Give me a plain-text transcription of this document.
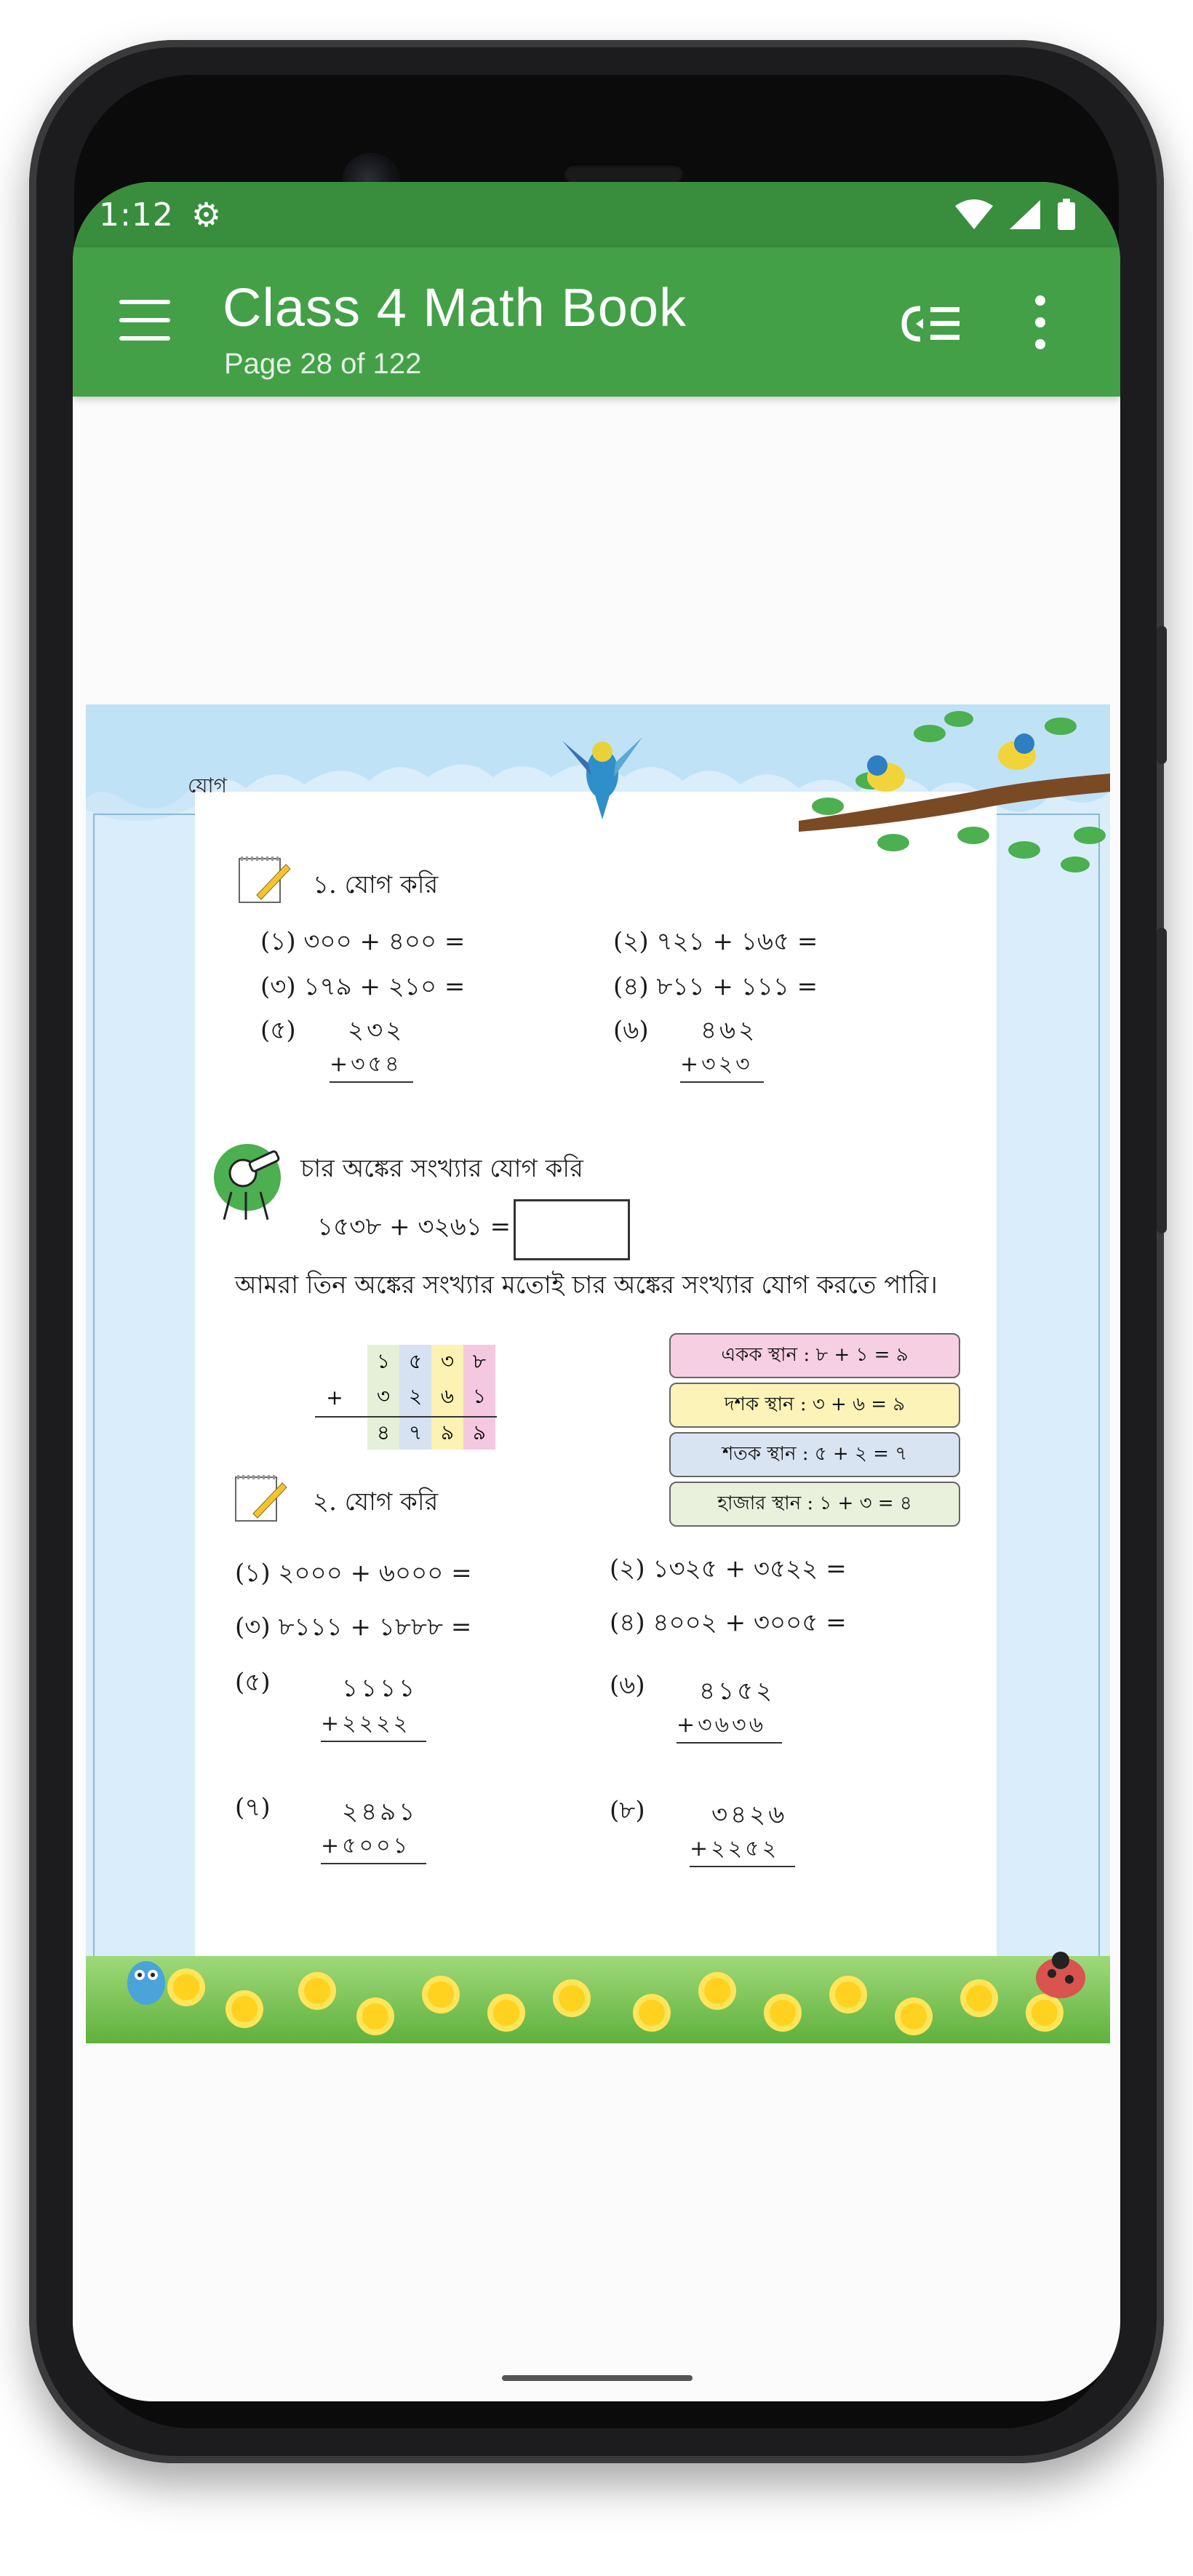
1:12 ⚙
Class 4 Math Book
Page 28 of 122
যোগ
১. যোগ করি
(১) ৩০০ + ৪০০ =	(২) ৭২১ + ১৬৫ =
(৩) ১৭৯ + ২১০ =	(৪) ৮১১ + ১১১ =
(৫) ২৩২
+৩৫৪
(৬) ৪৬২
+৩২৩
চার অঙ্কের সংখ্যার যোগ করি
১৫৩৮ + ৩২৬১ =
আমরা তিন অঙ্কের সংখ্যার মতোই চার অঙ্কের সংখ্যার যোগ করতে পারি।
১ ৫ ৩ ৮
+	৩ ২ ৬ ১
৪ ৭ ৯ ৯
একক স্থান : ৮ + ১ = ৯
দশক স্থান : ৩ + ৬ = ৯
শতক স্থান : ৫ + ২ = ৭
হাজার স্থান : ১ + ৩ = ৪
২. যোগ করি
(১) ২০০০ + ৬০০০ =	(২) ১৩২৫ + ৩৫২২ =
(৩) ৮১১১ + ১৮৮৮ =	(৪) ৪০০২ + ৩০০৫ =
(৫)	১১১১
+২২২২
(৬) ৪১৫২
+৩৬৩৬
(৭)	২৪৯১
+৫০০১
(৮)	৩৪২৬
+২২৫২
